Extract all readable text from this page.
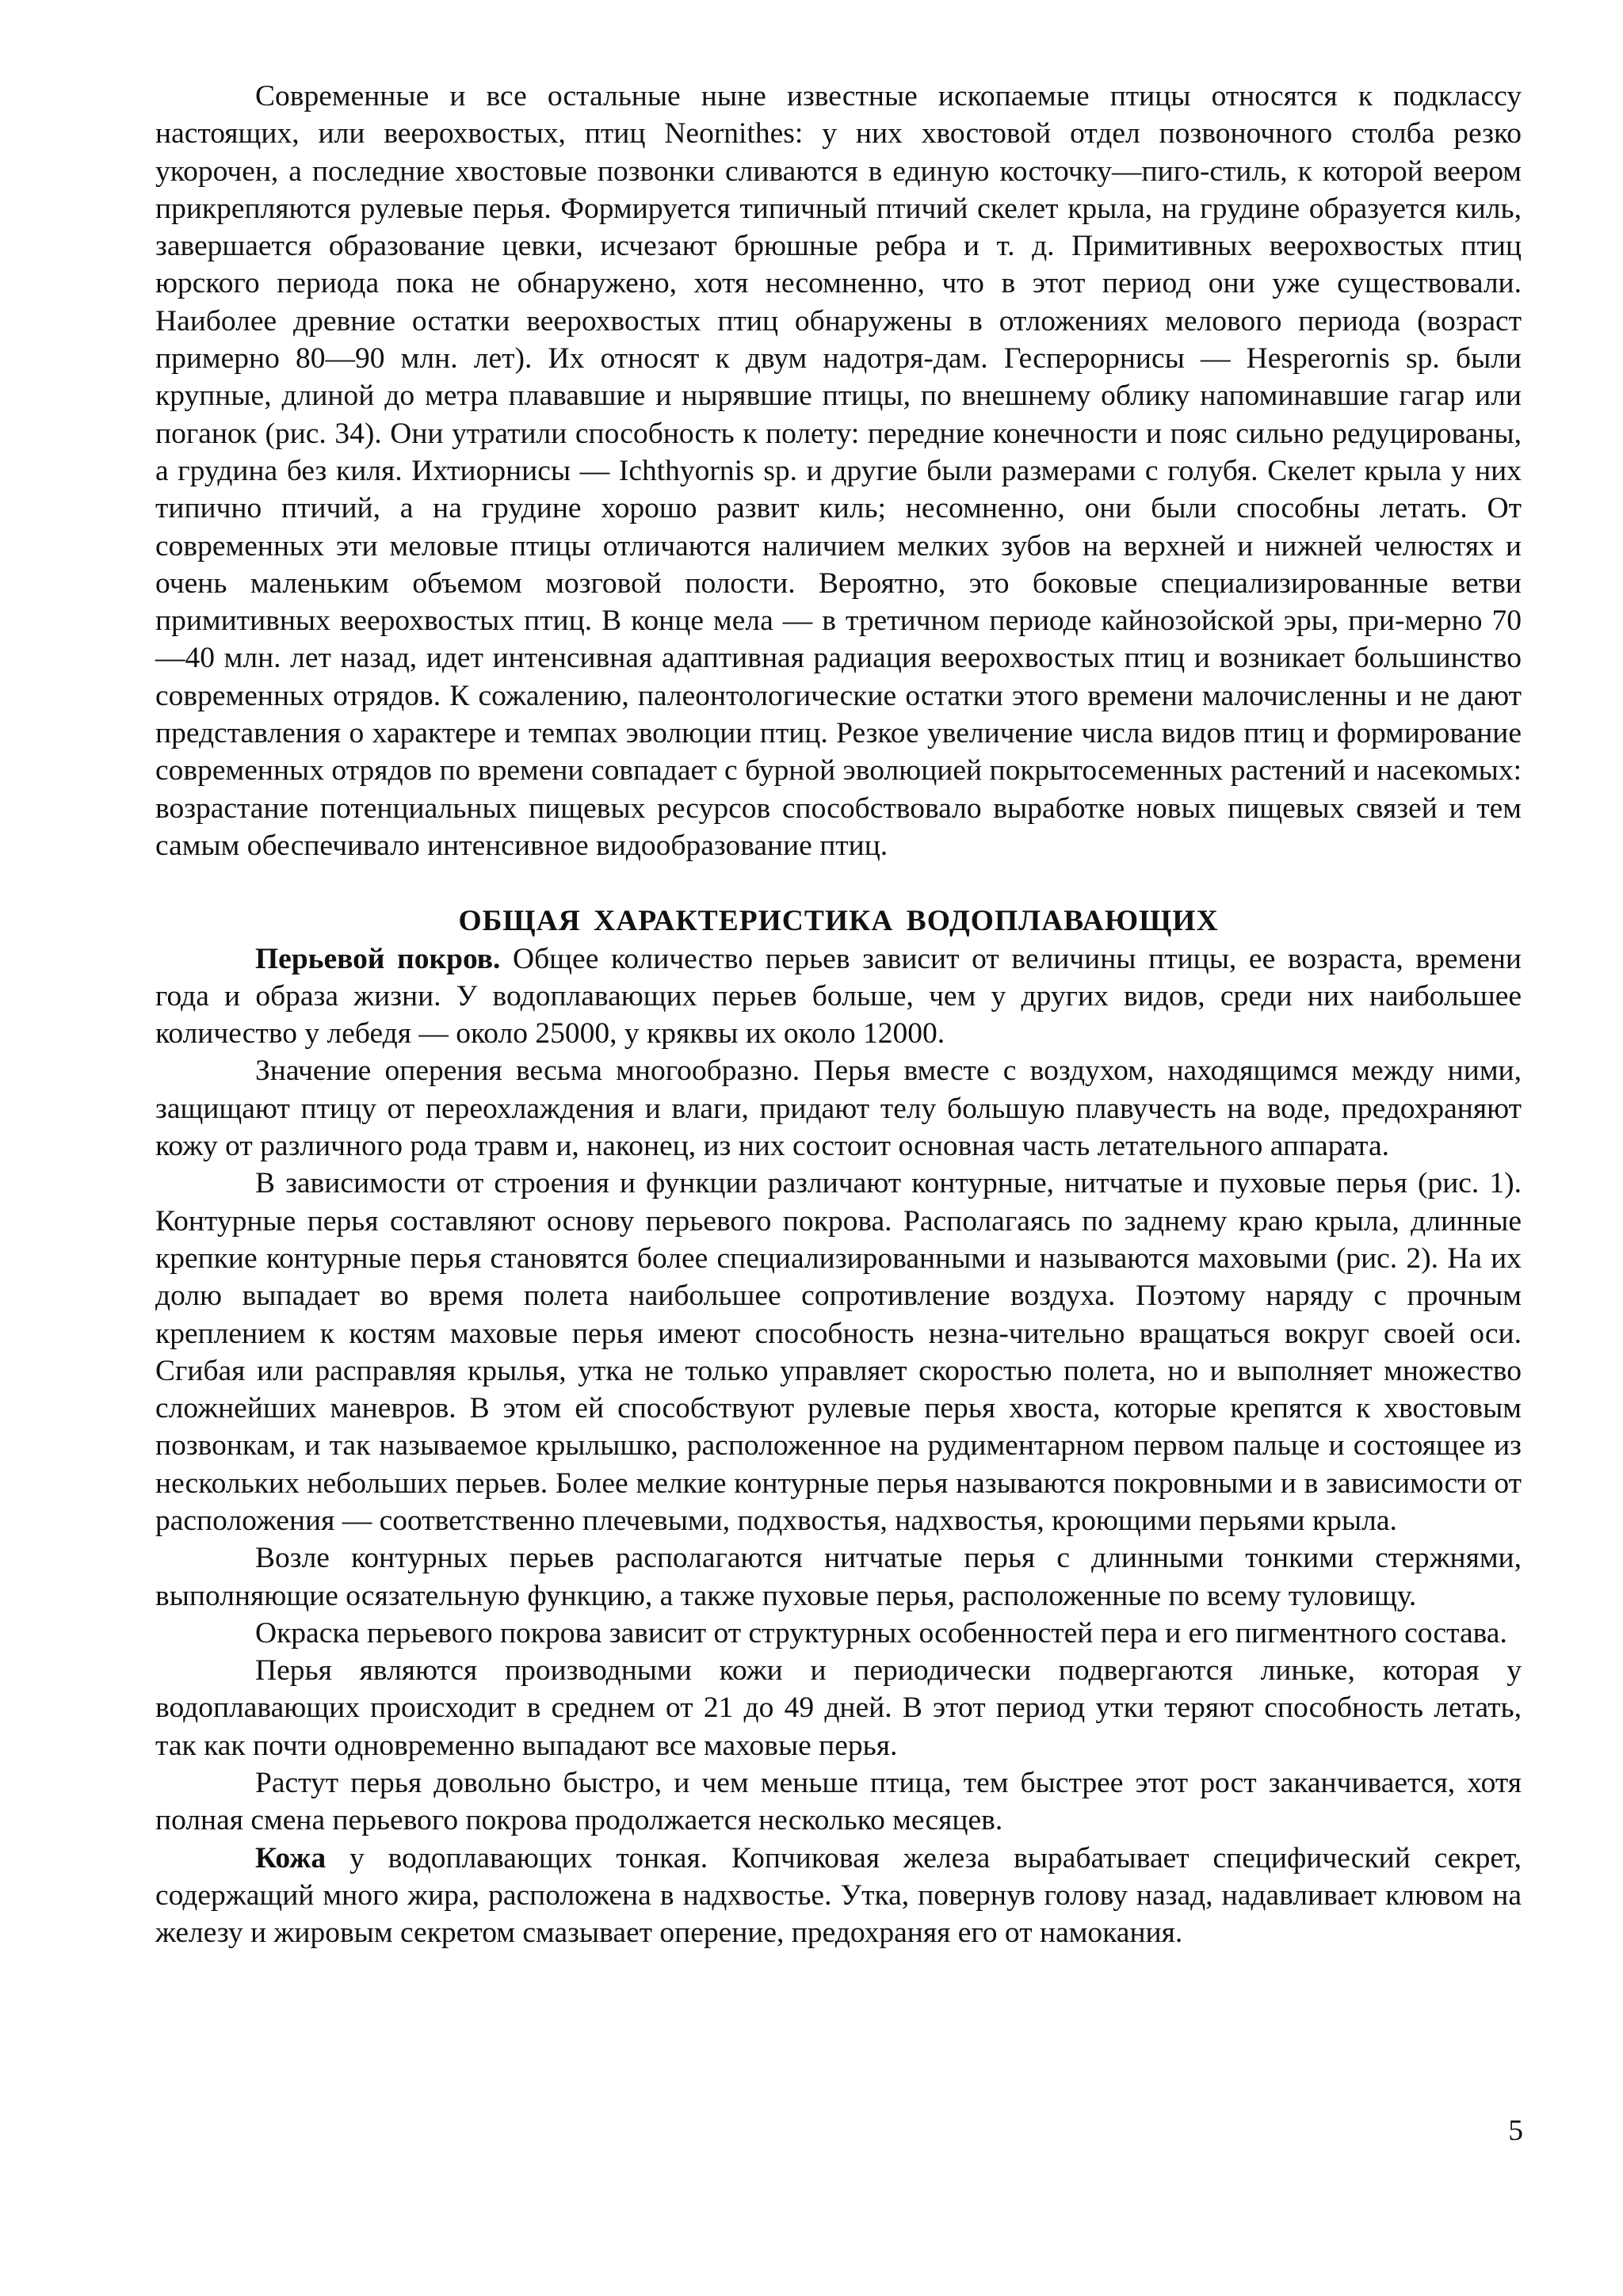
Современные и все остальные ныне известные ископаемые птицы относятся к подклассу настоящих, или веерохвостых, птиц Neornithes: у них хвостовой отдел позвоночного столба резко укорочен, а последние хвостовые позвонки сливаются в единую косточку—пиго-стиль, к которой веером прикрепляются рулевые перья. Формируется типичный птичий скелет крыла, на грудине образуется киль, завершается образование цевки, исчезают брюшные ребра и т. д. Примитивных веерохвостых птиц юрского периода пока не обнаружено, хотя несомненно, что в этот период они уже существовали. Наиболее древние остатки веерохвостых птиц обнаружены в отложениях мелового периода (возраст примерно 80—90 млн. лет). Их относят к двум надотря-дам. Гесперорнисы — Hesperornis sp. были крупные, длиной до метра плававшие и нырявшие птицы, по внешнему облику напоминавшие гагар или поганок (рис. 34). Они утратили способность к полету: передние конечности и пояс сильно редуцированы, а грудина без киля. Ихтиорнисы — Ichthyornis sp. и другие были размерами с голубя. Скелет крыла у них типично птичий, а на грудине хорошо развит киль; несомненно, они были способны летать. От современных эти меловые птицы отличаются наличием мелких зубов на верхней и нижней челюстях и очень маленьким объемом мозговой полости. Вероятно, это боковые специализированные ветви примитивных веерохвостых птиц. В конце мела — в третичном периоде кайнозойской эры, при-мерно 70—40 млн. лет назад, идет интенсивная адаптивная радиация веерохвостых птиц и возникает большинство современных отрядов. К сожалению, палеонтологические остатки этого времени малочисленны и не дают представления о характере и темпах эволюции птиц. Резкое увеличение числа видов птиц и формирование современных отрядов по времени совпадает с бурной эволюцией покрытосеменных растений и насекомых: возрастание потенциальных пищевых ресурсов способствовало выработке новых пищевых связей и тем самым обеспечивало интенсивное видообразование птиц.

ОБЩАЯ ХАРАКТЕРИСТИКА ВОДОПЛАВАЮЩИХ

Перьевой покров. Общее количество перьев зависит от величины птицы, ее возраста, времени года и образа жизни. У водоплавающих перьев больше, чем у других видов, среди них наибольшее количество у лебедя — около 25000, у кряквы их около 12000.

Значение оперения весьма многообразно. Перья вместе с воздухом, находящимся между ними, защищают птицу от переохлаждения и влаги, придают телу большую плавучесть на воде, предохраняют кожу от различного рода травм и, наконец, из них состоит основная часть летательного аппарата.

В зависимости от строения и функции различают контурные, нитчатые и пуховые перья (рис. 1). Контурные перья составляют основу перьевого покрова. Располагаясь по заднему краю крыла, длинные крепкие контурные перья становятся более специализированными и называются маховыми (рис. 2). На их долю выпадает во время полета наибольшее сопротивление воздуха. Поэтому наряду с прочным креплением к костям маховые перья имеют способность незна-чительно вращаться вокруг своей оси. Сгибая или расправляя крылья, утка не только управляет скоростью полета, но и выполняет множество сложнейших маневров. В этом ей способствуют рулевые перья хвоста, которые крепятся к хвостовым позвонкам, и так называемое крылышко, расположенное на рудиментарном первом пальце и состоящее из нескольких небольших перьев. Более мелкие контурные перья называются покровными и в зависимости от расположения — соответственно плечевыми, подхвостья, надхвостья, кроющими перьями крыла.

Возле контурных перьев располагаются нитчатые перья с длинными тонкими стержнями, выполняющие осязательную функцию, а также пуховые перья, расположенные по всему туловищу.

Окраска перьевого покрова зависит от структурных особенностей пера и его пигментного состава.

Перья являются производными кожи и периодически подвергаются линьке, которая у водоплавающих происходит в среднем от 21 до 49 дней. В этот период утки теряют способность летать, так как почти одновременно выпадают все маховые перья.

Растут перья довольно быстро, и чем меньше птица, тем быстрее этот рост заканчивается, хотя полная смена перьевого покрова продолжается несколько месяцев.

Кожа у водоплавающих тонкая. Копчиковая железа вырабатывает специфический секрет, содержащий много жира, расположена в надхвостье. Утка, повернув голову назад, надавливает клювом на железу и жировым секретом смазывает оперение, предохраняя его от намокания.

5
